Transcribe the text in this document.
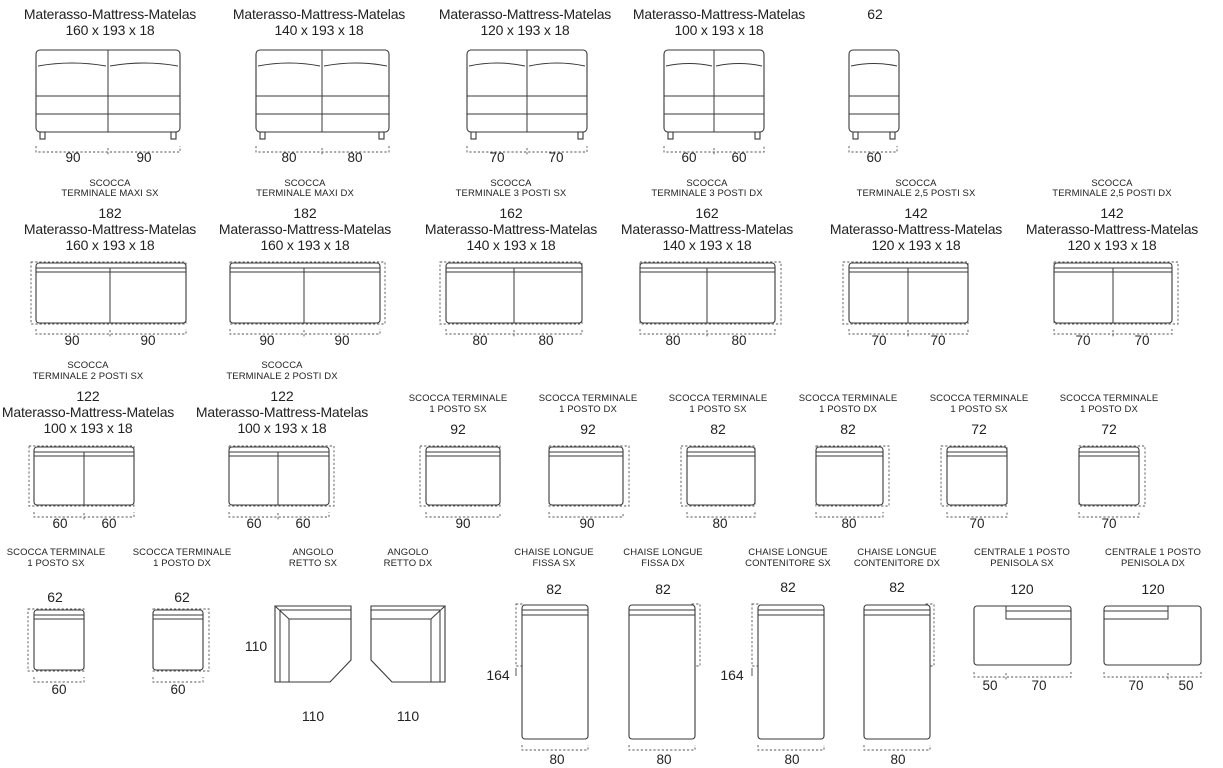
Materasso-Mattress-Matelas
160 x 193 x 18
Materasso-Mattress-Matelas
140 x 193 x 18
Materasso-Mattress-Matelas
120 x 193 x 18
Materasso-Mattress-Matelas
100 x 193 x 18
62
90	90	80	80	70	70	60	60	60
SCOCCA
TERMINALE MAXI SX
182
Materasso-Mattress-Matelas
160 x 193 x 18
SCOCCA
TERMINALE MAXI DX
182
Materasso-Mattress-Matelas
160 x 193 x 18
SCOCCA
TERMINALE 3 POSTI SX
162
Materasso-Mattress-Matelas
140 x 193 x 18
SCOCCA
TERMINALE 3 POSTI DX
162
Materasso-Mattress-Matelas
140 x 193 x 18
SCOCCA
TERMINALE 2,5 POSTI SX
142
Materasso-Mattress-Matelas
120 x 193 x 18
SCOCCA
TERMINALE 2,5 POSTI DX
142
Materasso-Mattress-Matelas
120 x 193 x 18
90	90	90	90	80	80	80	80	70	70	70	70
SCOCCA
TERMINALE 2 POSTI SX
122
Materasso-Mattress-Matelas
100 x 193 x 18
SCOCCA
TERMINALE 2 POSTI DX
122
Materasso-Mattress-Matelas
100 x 193 x 18
60	60	60	60
SCOCCA TERMINALE
1 POSTO SX
92
90
SCOCCA TERMINALE
1 POSTO DX
92
90
SCOCCA TERMINALE
1 POSTO SX
82
80
SCOCCA TERMINALE
1 POSTO DX
82
80
SCOCCA TERMINALE
1 POSTO SX
72
70
SCOCCA TERMINALE
1 POSTO DX
72
70
SCOCCA TERMINALE
1 POSTO SX
62
60
SCOCCA TERMINALE
1 POSTO DX
62
60
ANGOLO
RETTO SX
110
110
ANGOLO
RETTO DX
110
CHAISE LONGUE
FISSA SX
82
164
80
CHAISE LONGUE
FISSA DX
82
80
CHAISE LONGUE
CONTENITORE SX
82
164
80
CHAISE LONGUE
CONTENITORE DX
82
80
CENTRALE 1 POSTO
PENISOLA SX
120
50	70
CENTRALE 1 POSTO
PENISOLA DX
120
70	50
